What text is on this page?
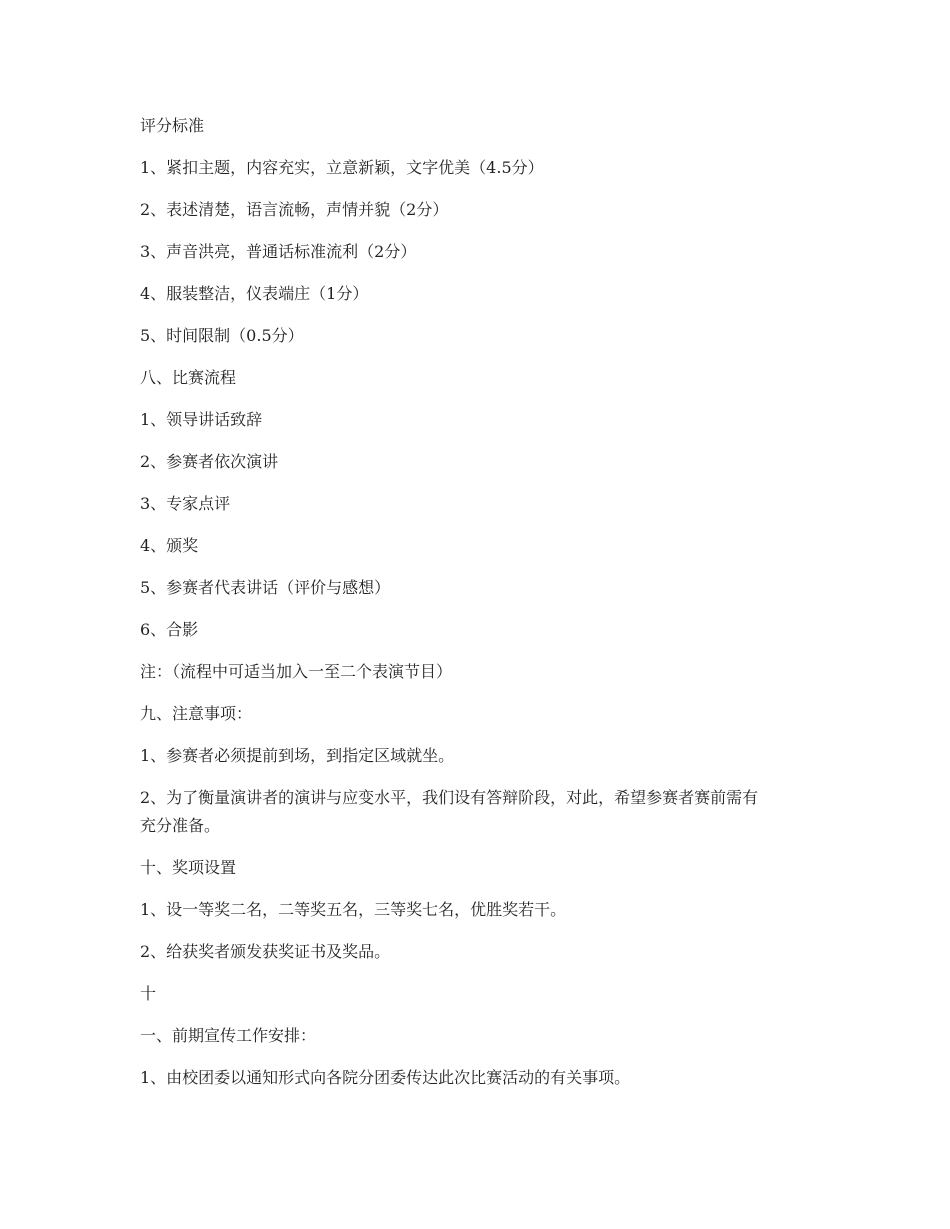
评分标准
1、紧扣主题，内容充实，立意新颖，文字优美（4.5分）
2、表述清楚，语言流畅，声情并貌（2分）
3、声音洪亮，普通话标准流利（2分）
4、服装整洁，仪表端庄（1分）
5、时间限制（0.5分）
八、比赛流程
1、领导讲话致辞
2、参赛者依次演讲
3、专家点评
4、颁奖
5、参赛者代表讲话（评价与感想）
6、合影
注：（流程中可适当加入一至二个表演节目）
九、注意事项：
1、参赛者必须提前到场，到指定区域就坐。
2、为了衡量演讲者的演讲与应变水平，我们设有答辩阶段，对此，希望参赛者赛前需有
充分准备。
十、奖项设置
1、设一等奖二名，二等奖五名，三等奖七名，优胜奖若干。
2、给获奖者颁发获奖证书及奖品。
十
一、前期宣传工作安排：
1、由校团委以通知形式向各院分团委传达此次比赛活动的有关事项。
